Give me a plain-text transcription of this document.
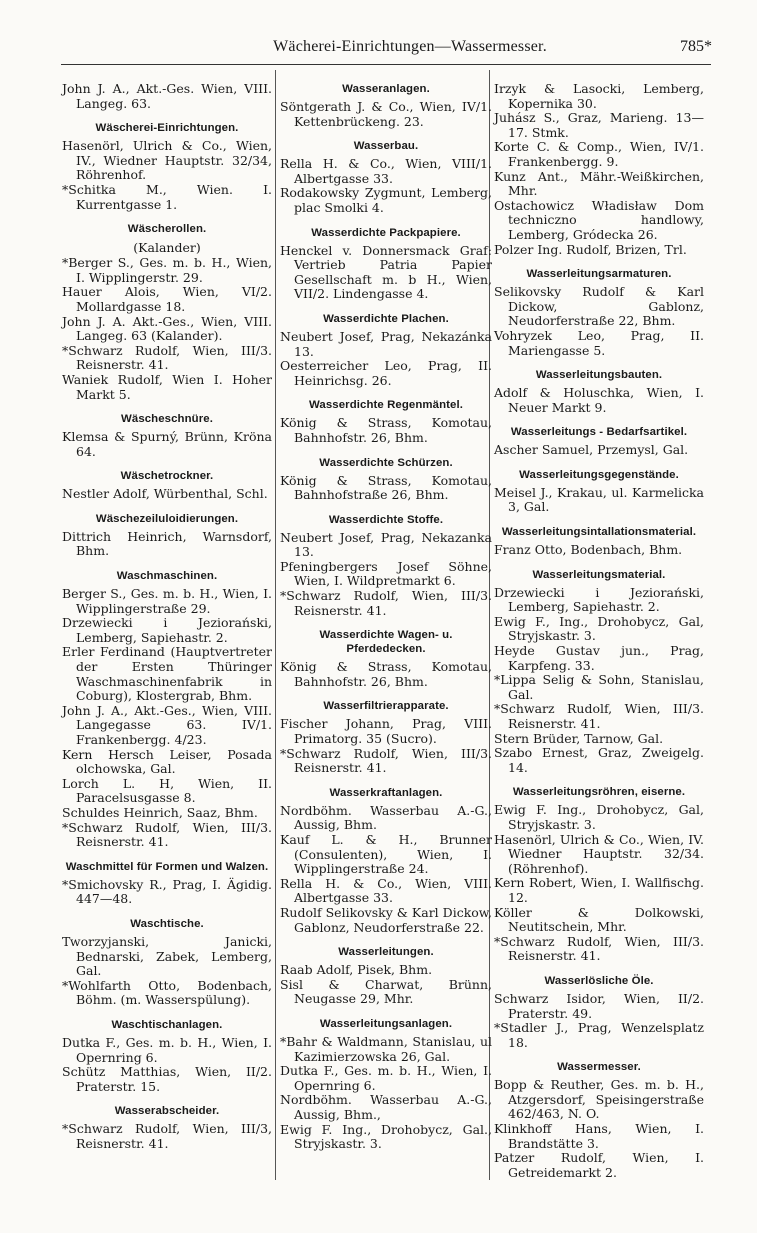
Wächerei-Einrichtungen—Wassermesser.	785*

John J. A., Akt.-Ges. Wien, VIII. Langeg. 63.

Wäscherei-Einrichtungen.

Hasenörl, Ulrich & Co., Wien, IV., Wiedner Hauptstr. 32/34, Röhrenhof.

*Schitka M., Wien. I. Kurrentgasse 1.

Wäscherollen.
(Kalander)

*Berger S., Ges. m. b. H., Wien, I. Wipplingerstr. 29.

Hauer Alois, Wien, VI/2. Mollardgasse 18.

John J. A. Akt.-Ges., Wien, VIII. Langeg. 63 (Kalander).

*Schwarz Rudolf, Wien, III/3. Reisnerstr. 41.

Waniek Rudolf, Wien I. Hoher Markt 5.

Wäscheschnüre.

Klemsa & Spurný, Brünn, Kröna 64.

Wäschetrockner.

Nestler Adolf, Würbenthal, Schl.

Wäschezeiluloidierungen.

Dittrich Heinrich, Warnsdorf, Bhm.

Waschmaschinen.

Berger S., Ges. m. b. H., Wien, I. Wipplingerstraße 29.

Drzewiecki i Jeziorański, Lemberg, Sapiehastr. 2.

Erler Ferdinand (Hauptvertreter der Ersten Thüringer Waschmaschinenfabrik in Coburg), Klostergrab, Bhm.

John J. A., Akt.-Ges., Wien, VIII. Langegasse 63. IV/1. Frankenbergg. 4/23.

Kern Hersch Leiser, Posada olchowska, Gal.

Lorch L. H, Wien, II. Paracelsusgasse 8.

Schuldes Heinrich, Saaz, Bhm.

*Schwarz Rudolf, Wien, III/3. Reisnerstr. 41.

Waschmittel für Formen und Walzen.

*Smichovsky R., Prag, I. Ägidig. 447—48.

Waschtische.

Tworzyjanski, Janicki, Bednarski, Zabek, Lemberg, Gal.

*Wohlfarth Otto, Bodenbach, Böhm. (m. Wasserspülung).

Waschtischanlagen.

Dutka F., Ges. m. b. H., Wien, I. Opernring 6.

Schütz Matthias, Wien, II/2. Praterstr. 15.

Wasserabscheider.

*Schwarz Rudolf, Wien, III/3, Reisnerstr. 41.

Wasseranlagen.

Söntgerath J. & Co., Wien, IV/1. Kettenbrückeng. 23.

Wasserbau.

Rella H. & Co., Wien, VIII/1. Albertgasse 33.

Rodakowsky Zygmunt, Lemberg, plac Smolki 4.

Wasserdichte Packpapiere.

Henckel v. Donnersmack Graf: Vertrieb Patria Papier Gesellschaft m. b H., Wien, VII/2. Lindengasse 4.

Wasserdichte Plachen.

Neubert Josef, Prag, Nekazánka 13.

Oesterreicher Leo, Prag, II. Heinrichsg. 26.

Wasserdichte Regenmäntel.

König & Strass, Komotau, Bahnhofstr. 26, Bhm.

Wasserdichte Schürzen.

König & Strass, Komotau, Bahnhofstraße 26, Bhm.

Wasserdichte Stoffe.

Neubert Josef, Prag, Nekazanka 13.

Pfeningbergers Josef Söhne, Wien, I. Wildpretmarkt 6.

*Schwarz Rudolf, Wien, III/3. Reisnerstr. 41.

Wasserdichte Wagen- u. Pferdedecken.

König & Strass, Komotau, Bahnhofstr. 26, Bhm.

Wasserfiltrierapparate.

Fischer Johann, Prag, VIII. Primatorg. 35 (Sucro).

*Schwarz Rudolf, Wien, III/3. Reisnerstr. 41.

Wasserkraftanlagen.

Nordböhm. Wasserbau A.-G., Aussig, Bhm.

Kauf L. & H., Brunner (Consulenten), Wien, I. Wipplingerstraße 24.

Rella H. & Co., Wien, VIII. Albertgasse 33.

Rudolf Selikovsky & Karl Dickow, Gablonz, Neudorferstraße 22.

Wasserleitungen.

Raab Adolf, Pisek, Bhm.

Sisl & Charwat, Brünn, Neugasse 29, Mhr.

Wasserleitungsanlagen.

*Bahr & Waldmann, Stanislau, ul Kazimierzowska 26, Gal.

Dutka F., Ges. m. b. H., Wien, I. Opernring 6.

Nordböhm. Wasserbau A.-G., Aussig, Bhm.,

Ewig F. Ing., Drohobycz, Gal., Stryjskastr. 3.

Irzyk & Lasocki, Lemberg, Kopernika 30.

Juhász S., Graz, Marieng. 13—17. Stmk.

Korte C. & Comp., Wien, IV/1. Frankenbergg. 9.

Kunz Ant., Mähr.-Weißkirchen, Mhr.

Ostachowicz Władisław Dom techniczno handlowy, Lemberg, Gródecka 26.

Polzer Ing. Rudolf, Brizen, Trl.

Wasserleitungsarmaturen.

Selikovsky Rudolf & Karl Dickow, Gablonz, Neudorferstraße 22, Bhm.

Vohryzek Leo, Prag, II. Mariengasse 5.

Wasserleitungsbauten.

Adolf & Holuschka, Wien, I. Neuer Markt 9.

Wasserleitungs - Bedarfsartikel.

Ascher Samuel, Przemysl, Gal.

Wasserleitungsgegenstände.

Meisel J., Krakau, ul. Karmelicka 3, Gal.

Wasserleitungsintallationsmaterial.

Franz Otto, Bodenbach, Bhm.

Wasserleitungsmaterial.

Drzewiecki i Jeziorański, Lemberg, Sapiehastr. 2.

Ewig F., Ing., Drohobycz, Gal, Stryjskastr. 3.

Heyde Gustav jun., Prag, Karpfeng. 33.

*Lippa Selig & Sohn, Stanislau, Gal.

*Schwarz Rudolf, Wien, III/3. Reisnerstr. 41.

Stern Brüder, Tarnow, Gal.

Szabo Ernest, Graz, Zweigelg. 14.

Wasserleitungsröhren, eiserne.

Ewig F. Ing., Drohobycz, Gal, Stryjskastr. 3.

Hasenörl, Ulrich & Co., Wien, IV. Wiedner Hauptstr. 32/34. (Röhrenhof).

Kern Robert, Wien, I. Wallfischg. 12.

Köller & Dolkowski, Neutitschein, Mhr.

*Schwarz Rudolf, Wien, III/3. Reisnerstr. 41.

Wasserlösliche Öle.

Schwarz Isidor, Wien, II/2. Praterstr. 49.

*Stadler J., Prag, Wenzelsplatz 18.

Wassermesser.

Bopp & Reuther, Ges. m. b. H., Atzgersdorf, Speisingerstraße 462/463, N. O.

Klinkhoff Hans, Wien, I. Brandstätte 3.

Patzer Rudolf, Wien, I. Getreidemarkt 2.
